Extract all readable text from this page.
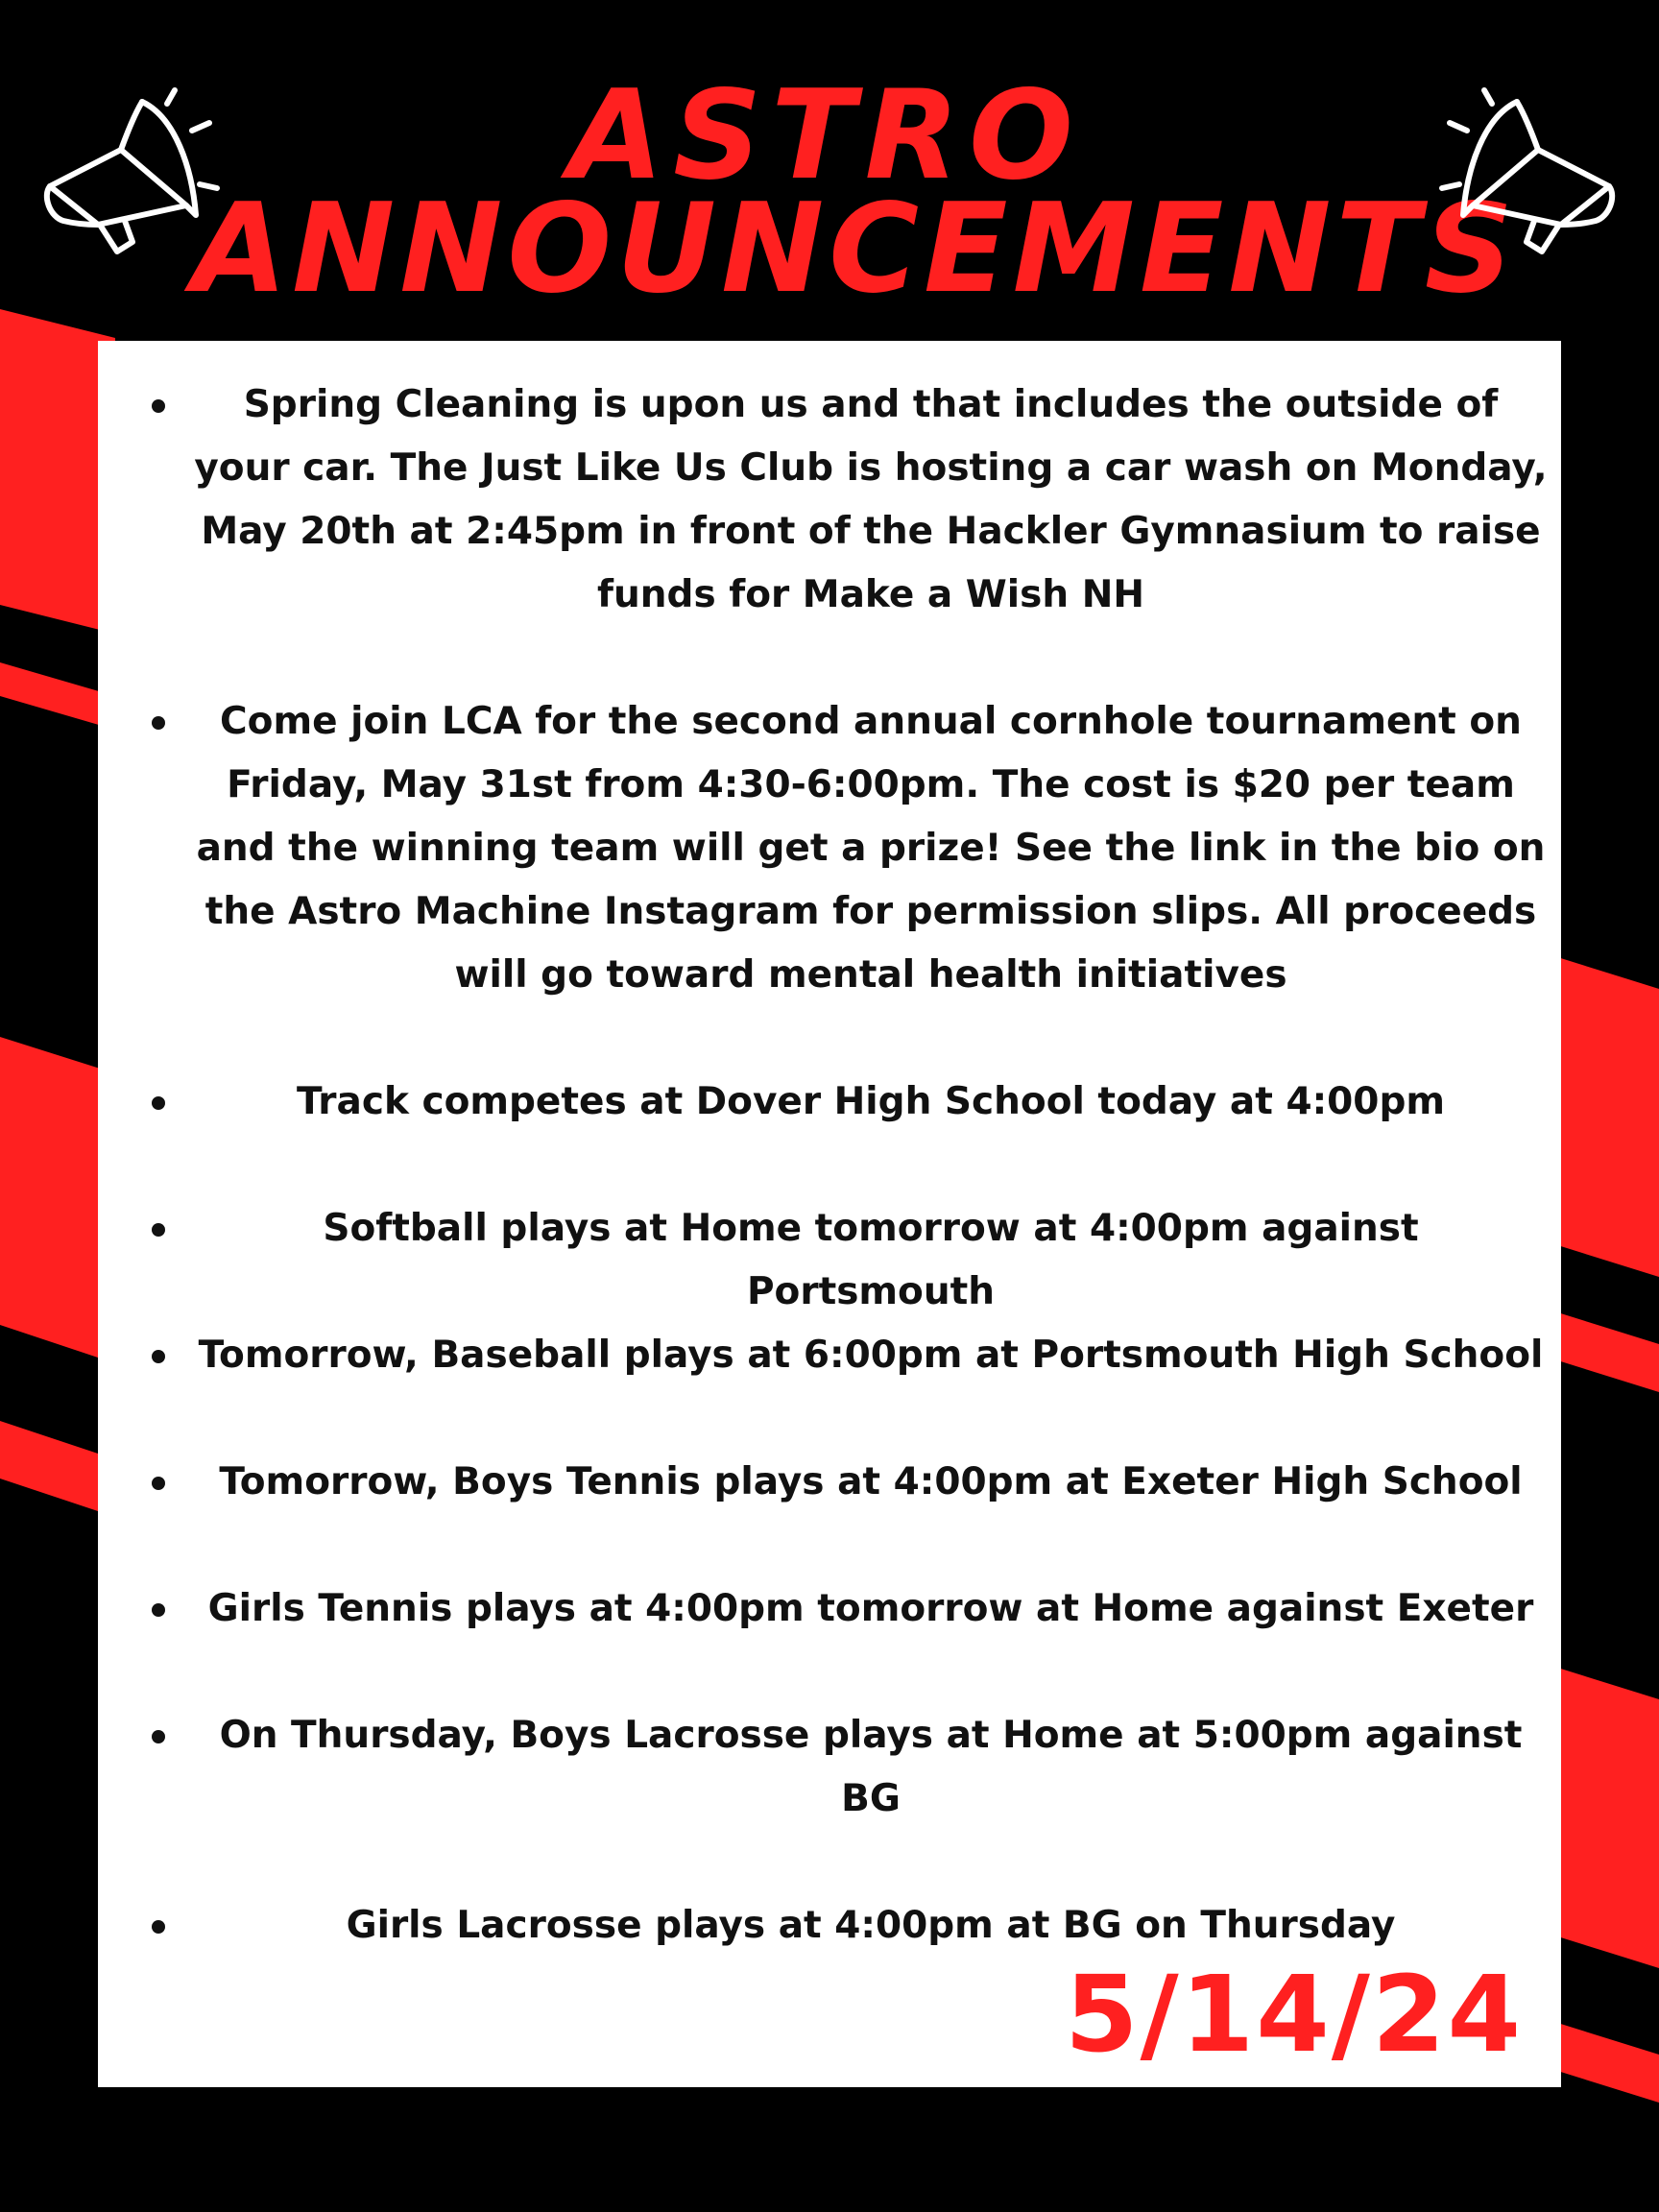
ASTRO
ANNOUNCEMENTS

Spring Cleaning is upon us and that includes the outside of your car. The Just Like Us Club is hosting a car wash on Monday, May 20th at 2:45pm in front of the Hackler Gymnasium to raise funds for Make a Wish NH

Come join LCA for the second annual cornhole tournament on Friday, May 31st from 4:30-6:00pm. The cost is $20 per team and the winning team will get a prize! See the link in the bio on the Astro Machine Instagram for permission slips. All proceeds will go toward mental health initiatives

Track competes at Dover High School today at 4:00pm

Softball plays at Home tomorrow at 4:00pm against Portsmouth

Tomorrow, Baseball plays at 6:00pm at Portsmouth High School

Tomorrow, Boys Tennis plays at 4:00pm at Exeter High School

Girls Tennis plays at 4:00pm tomorrow at Home against Exeter

On Thursday, Boys Lacrosse plays at Home at 5:00pm against BG

Girls Lacrosse plays at 4:00pm at BG on Thursday

5/14/24
